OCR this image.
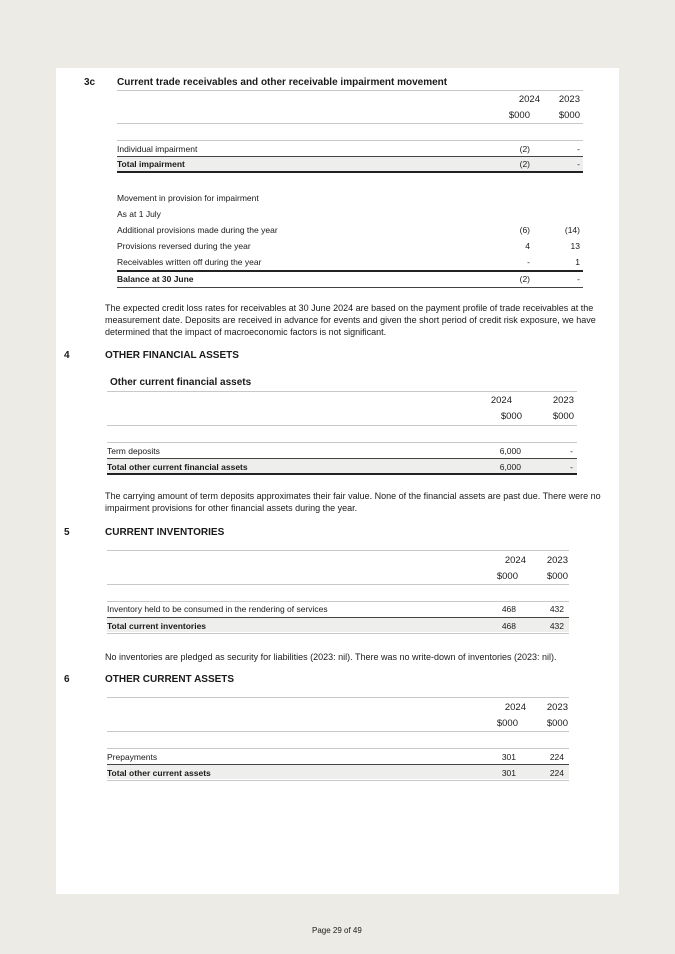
3c Current trade receivables and other receivable impairment movement
2024	2023
$000	$000
Individual impairment	(2)	-
Total impairment	(2)	-
Movement in provision for impairment
As at 1 July
Additional provisions made during the year	(6)	(14)
Provisions reversed during the year	4	13
Receivables written off during the year	-	1
Balance at 30 June	(2)	-
The expected credit loss rates for receivables at 30 June 2024 are based on the payment profile of trade receivables at the measurement date. Deposits are received in advance for events and given the short period of credit risk exposure, we have determined that the impact of macroeconomic factors is not significant.
4	OTHER FINANCIAL ASSETS
Other current financial assets
2024	2023
$000	$000
Term deposits	6,000	-
Total other current financial assets	6,000	-
The carrying amount of term deposits approximates their fair value. None of the financial assets are past due. There were no impairment provisions for other financial assets during the year.
5	CURRENT INVENTORIES
2024	2023
$000	$000
Inventory held to be consumed in the rendering of services	468	432
Total current inventories	468	432
No inventories are pledged as security for liabilities (2023: nil). There was no write-down of inventories (2023: nil).
6	OTHER CURRENT ASSETS
2024	2023
$000	$000
Prepayments	301	224
Total other current assets	301	224
Page 29 of 49
